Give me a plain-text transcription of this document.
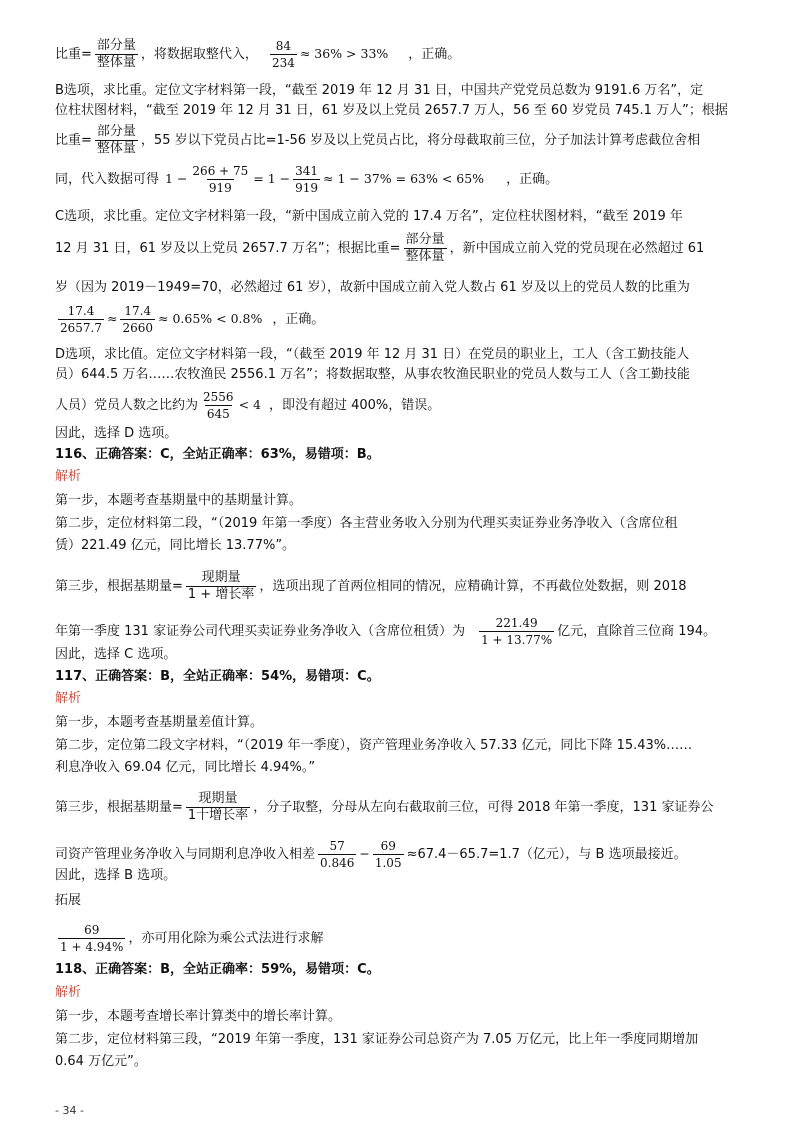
比重= $\frac{\text{部分量}}{\text{整体量}}$ ，将数据取整代入， $\frac{84}{234} \approx 36\% > 33\%$ ，正确。
B选项，求比重。定位文字材料第一段，“截至 2019 年 12 月 31 日，中国共产党党员总数为 9191.6 万名”，定
位柱状图材料，“截至 2019 年 12 月 31 日，61 岁及以上党员 2657.7 万人，56 至 60 岁党员 745.1 万人”；根据
比重= $\frac{\text{部分量}}{\text{整体量}}$ ，55 岁以下党员占比=1-56 岁及以上党员占比，将分母截取前三位，分子加法计算考虑截位舍相
同，代入数据可得 $1 - \frac{266 + 75}{919} = 1 - \frac{341}{919} \approx 1 - 37\% = 63\% < 65\%$ ，正确。
C选项，求比重。定位文字材料第一段，“新中国成立前入党的 17.4 万名”，定位柱状图材料，“截至 2019 年
12 月 31 日，61 岁及以上党员 2657.7 万名”；根据比重= $\frac{\text{部分量}}{\text{整体量}}$ ，新中国成立前入党的党员现在必然超过 61
岁（因为 2019－1949=70，必然超过 61 岁），故新中国成立前入党人数占 61 岁及以上的党员人数的比重为
$\frac{17.4}{2657.7} \approx \frac{17.4}{2660} \approx 0.65\% < 0.8\%$ ，正确。
D选项，求比值。定位文字材料第一段，“（截至 2019 年 12 月 31 日）在党员的职业上，工人（含工勤技能人
员）644.5 万名……农牧渔民 2556.1 万名”；将数据取整，从事农牧渔民职业的党员人数与工人（含工勤技能
人员）党员人数之比约为 $\frac{2556}{645} < 4$ ，即没有超过 400%，错误。
因此，选择 D 选项。
116、正确答案：C，全站正确率：63%，易错项：B。
解析
第一步，本题考查基期量中的基期量计算。
第二步，定位材料第二段，“（2019 年第一季度）各主营业务收入分别为代理买卖证券业务净收入（含席位租
赁）221.49 亿元，同比增长 13.77%”。
第三步，根据基期量= $\frac{\text{现期量}}{\text{1 + 增长率}}$ ，选项出现了首两位相同的情况，应精确计算，不再截位处数据，则 2018
年第一季度 131 家证券公司代理买卖证券业务净收入（含席位租赁）为 $\frac{221.49}{1 + 13.77\%}$ 亿元，直除首三位商 194。
因此，选择 C 选项。
117、正确答案：B，全站正确率：54%，易错项：C。
解析
第一步，本题考查基期量差值计算。
第二步，定位第二段文字材料，“（2019 年一季度），资产管理业务净收入 57.33 亿元，同比下降 15.43%……
利息净收入 69.04 亿元，同比增长 4.94%。”
第三步，根据基期量= $\frac{\text{现期量}}{\text{1十增长率}}$ ，分子取整，分母从左向右截取前三位，可得 2018 年第一季度，131 家证券公
司资产管理业务净收入与同期利息净收入相差 $\frac{57}{0.846} - \frac{69}{1.05} \approx 67.4-65.7=1.7$（亿元），与 B 选项最接近。
因此，选择 B 选项。
拓展
$\frac{69}{1 + 4.94\%}$ ，亦可用化除为乘公式法进行求解
118、正确答案：B，全站正确率：59%，易错项：C。
解析
第一步，本题考查增长率计算类中的增长率计算。
第二步，定位材料第三段，“2019 年第一季度，131 家证券公司总资产为 7.05 万亿元，比上年一季度同期增加
0.64 万亿元”。
- 34 -
